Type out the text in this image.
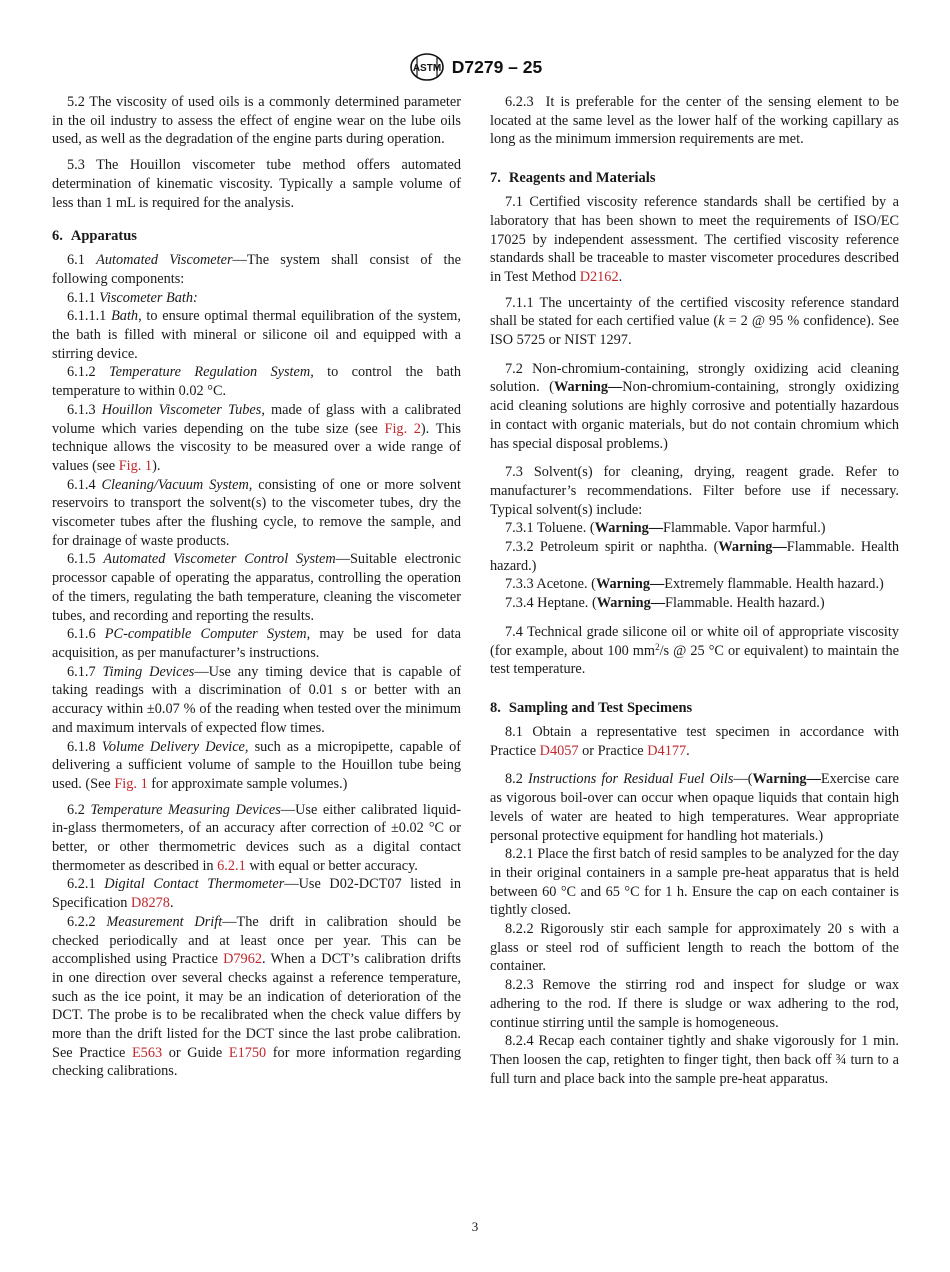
ASTM D7279 – 25

5.2 The viscosity of used oils is a commonly determined parameter in the oil industry to assess the effect of engine wear on the lube oils used, as well as the degradation of the engine parts during operation.

5.3 The Houillon viscometer tube method offers automated determination of kinematic viscosity. Typically a sample volume of less than 1 mL is required for the analysis.

6. Apparatus

6.1 Automated Viscometer—The system shall consist of the following components:

6.1.1 Viscometer Bath:

6.1.1.1 Bath, to ensure optimal thermal equilibration of the system, the bath is filled with mineral or silicone oil and equipped with a stirring device.

6.1.2 Temperature Regulation System, to control the bath temperature to within 0.02 °C.

6.1.3 Houillon Viscometer Tubes, made of glass with a calibrated volume which varies depending on the tube size (see Fig. 2). This technique allows the viscosity to be measured over a wide range of values (see Fig. 1).

6.1.4 Cleaning/Vacuum System, consisting of one or more solvent reservoirs to transport the solvent(s) to the viscometer tubes, dry the viscometer tubes after the flushing cycle, to remove the sample, and for drainage of waste products.

6.1.5 Automated Viscometer Control System—Suitable electronic processor capable of operating the apparatus, controlling the operation of the timers, regulating the bath temperature, cleaning the viscometer tubes, and recording and reporting the results.

6.1.6 PC-compatible Computer System, may be used for data acquisition, as per manufacturer’s instructions.

6.1.7 Timing Devices—Use any timing device that is capable of taking readings with a discrimination of 0.01 s or better with an accuracy within ±0.07 % of the reading when tested over the minimum and maximum intervals of expected flow times.

6.1.8 Volume Delivery Device, such as a micropipette, capable of delivering a sufficient volume of sample to the Houillon tube being used. (See Fig. 1 for approximate sample volumes.)

6.2 Temperature Measuring Devices—Use either calibrated liquid-in-glass thermometers, of an accuracy after correction of ±0.02 °C or better, or other thermometric devices such as a digital contact thermometer as described in 6.2.1 with equal or better accuracy.

6.2.1 Digital Contact Thermometer—Use D02-DCT07 listed in Specification D8278.

6.2.2 Measurement Drift—The drift in calibration should be checked periodically and at least once per year. This can be accomplished using Practice D7962. When a DCT’s calibration drifts in one direction over several checks against a reference temperature, such as the ice point, it may be an indication of deterioration of the DCT. The probe is to be recalibrated when the check value differs by more than the drift listed for the DCT since the last probe calibration. See Practice E563 or Guide E1750 for more information regarding checking calibrations.

6.2.3 It is preferable for the center of the sensing element to be located at the same level as the lower half of the working capillary as long as the minimum immersion requirements are met.

7. Reagents and Materials

7.1 Certified viscosity reference standards shall be certified by a laboratory that has been shown to meet the requirements of ISO/EC 17025 by independent assessment. The certified viscosity reference standards shall be traceable to master viscometer procedures described in Test Method D2162.

7.1.1 The uncertainty of the certified viscosity reference standard shall be stated for each certified value (k = 2 @ 95 % confidence). See ISO 5725 or NIST 1297.

7.2 Non-chromium-containing, strongly oxidizing acid cleaning solution. (Warning—Non-chromium-containing, strongly oxidizing acid cleaning solutions are highly corrosive and potentially hazardous in contact with organic materials, but do not contain chromium which has special disposal problems.)

7.3 Solvent(s) for cleaning, drying, reagent grade. Refer to manufacturer’s recommendations. Filter before use if necessary. Typical solvent(s) include:

7.3.1 Toluene. (Warning—Flammable. Vapor harmful.)

7.3.2 Petroleum spirit or naphtha. (Warning—Flammable. Health hazard.)

7.3.3 Acetone. (Warning—Extremely flammable. Health hazard.)

7.3.4 Heptane. (Warning—Flammable. Health hazard.)

7.4 Technical grade silicone oil or white oil of appropriate viscosity (for example, about 100 $mm^2/s$ @ 25 °C or equivalent) to maintain the test temperature.

8. Sampling and Test Specimens

8.1 Obtain a representative test specimen in accordance with Practice D4057 or Practice D4177.

8.2 Instructions for Residual Fuel Oils—(Warning—Exercise care as vigorous boil-over can occur when opaque liquids that contain high levels of water are heated to high temperatures. Wear appropriate personal protective equipment for handling hot materials.)

8.2.1 Place the first batch of resid samples to be analyzed for the day in their original containers in a sample pre-heat apparatus that is held between 60 °C and 65 °C for 1 h. Ensure the cap on each container is tightly closed.

8.2.2 Rigorously stir each sample for approximately 20 s with a glass or steel rod of sufficient length to reach the bottom of the container.

8.2.3 Remove the stirring rod and inspect for sludge or wax adhering to the rod. If there is sludge or wax adhering to the rod, continue stirring until the sample is homogeneous.

8.2.4 Recap each container tightly and shake vigorously for 1 min. Then loosen the cap, retighten to finger tight, then back off ¾ turn to a full turn and place back into the sample pre-heat apparatus.

3
